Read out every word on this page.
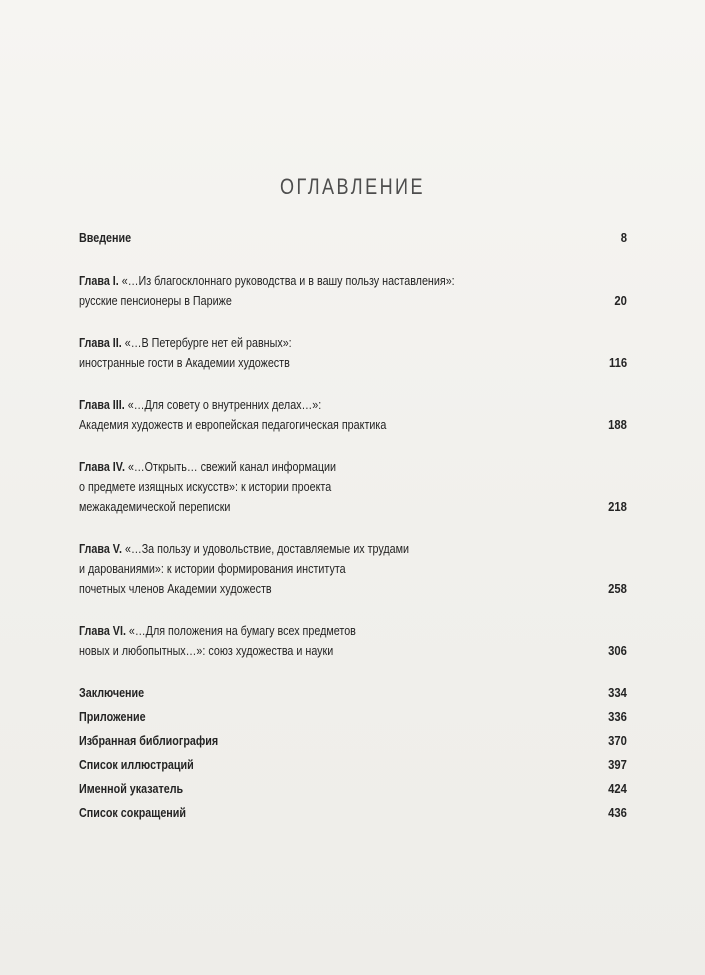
ОГЛАВЛЕНИЕ
Введение	8
Глава I. «…Из благосклоннаго руководства и в вашу пользу наставления»:
русские пенсионеры в Париже	20
Глава II. «…В Петербурге нет ей равных»:
иностранные гости в Академии художеств	116
Глава III. «…Для совету о внутренних делах…»:
Академия художеств и европейская педагогическая практика	188
Глава IV. «…Открыть… свежий канал информации
о предмете изящных искусств»: к истории проекта
межакадемической переписки	218
Глава V. «…За пользу и удовольствие, доставляемые их трудами
и дарованиями»: к истории формирования института
почетных членов Академии художеств	258
Глава VI. «…Для положения на бумагу всех предметов
новых и любопытных…»: союз художества и науки	306
Заключение	334
Приложение	336
Избранная библиография	370
Список иллюстраций	397
Именной указатель	424
Список сокращений	436
